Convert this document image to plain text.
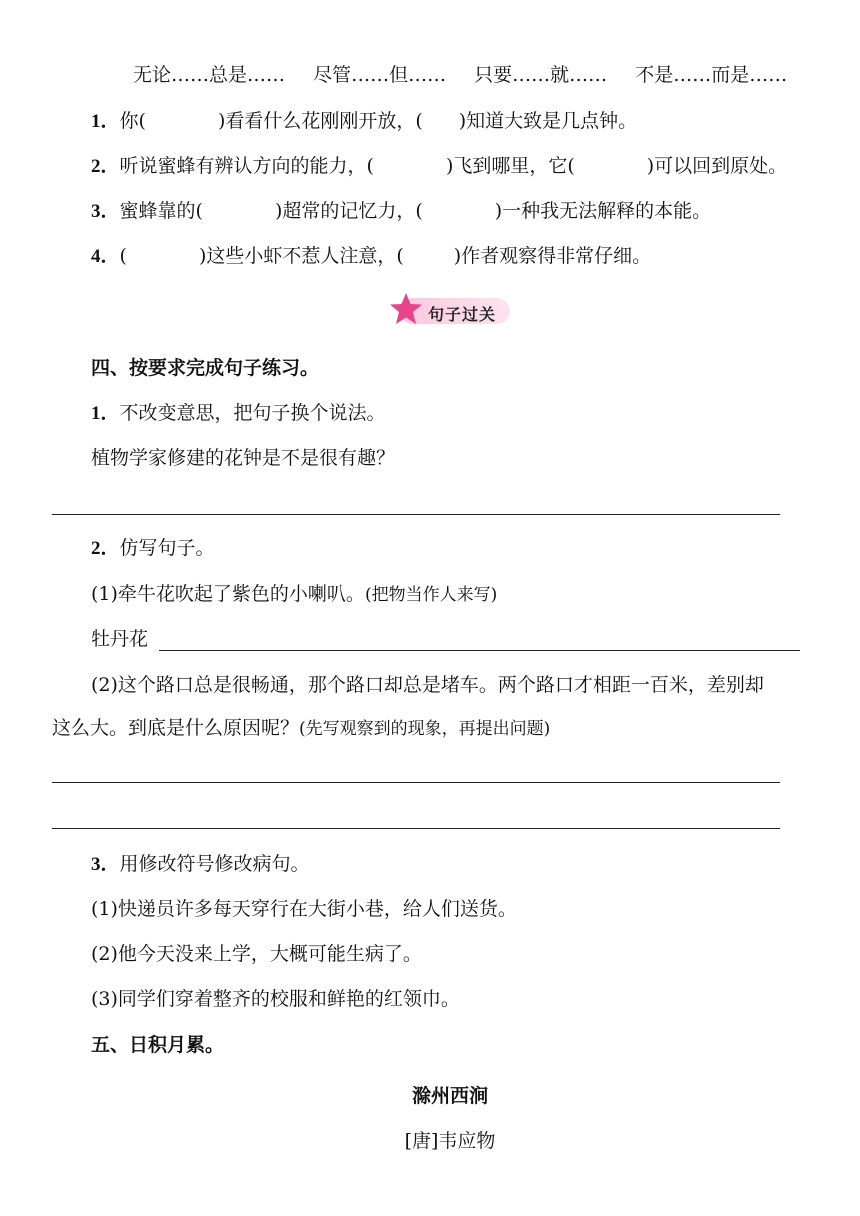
无论……总是…… 尽管……但…… 只要……就…… 不是……而是……
1．你(	)看看什么花刚刚开放，( )知道大致是几点钟。
2．听说蜜蜂有辨认方向的能力，(	)飞到哪里，它(	)可以回到原处。
3．蜜蜂靠的(	)超常的记忆力，(	)一种我无法解释的本能。
4．(	)这些小虾不惹人注意，(	)作者观察得非常仔细。
句子过关
四、按要求完成句子练习。
1．不改变意思，把句子换个说法。
植物学家修建的花钟是不是很有趣？
2．仿写句子。
(1)牵牛花吹起了紫色的小喇叭。(把物当作人来写)
牡丹花
(2)这个路口总是很畅通，那个路口却总是堵车。两个路口才相距一百米，差别却
这么大。到底是什么原因呢？(先写观察到的现象，再提出问题)
3．用修改符号修改病句。
(1)快递员许多每天穿行在大街小巷，给人们送货。
(2)他今天没来上学，大概可能生病了。
(3)同学们穿着整齐的校服和鲜艳的红领巾。
五、日积月累。
滁州西涧
[唐]韦应物
